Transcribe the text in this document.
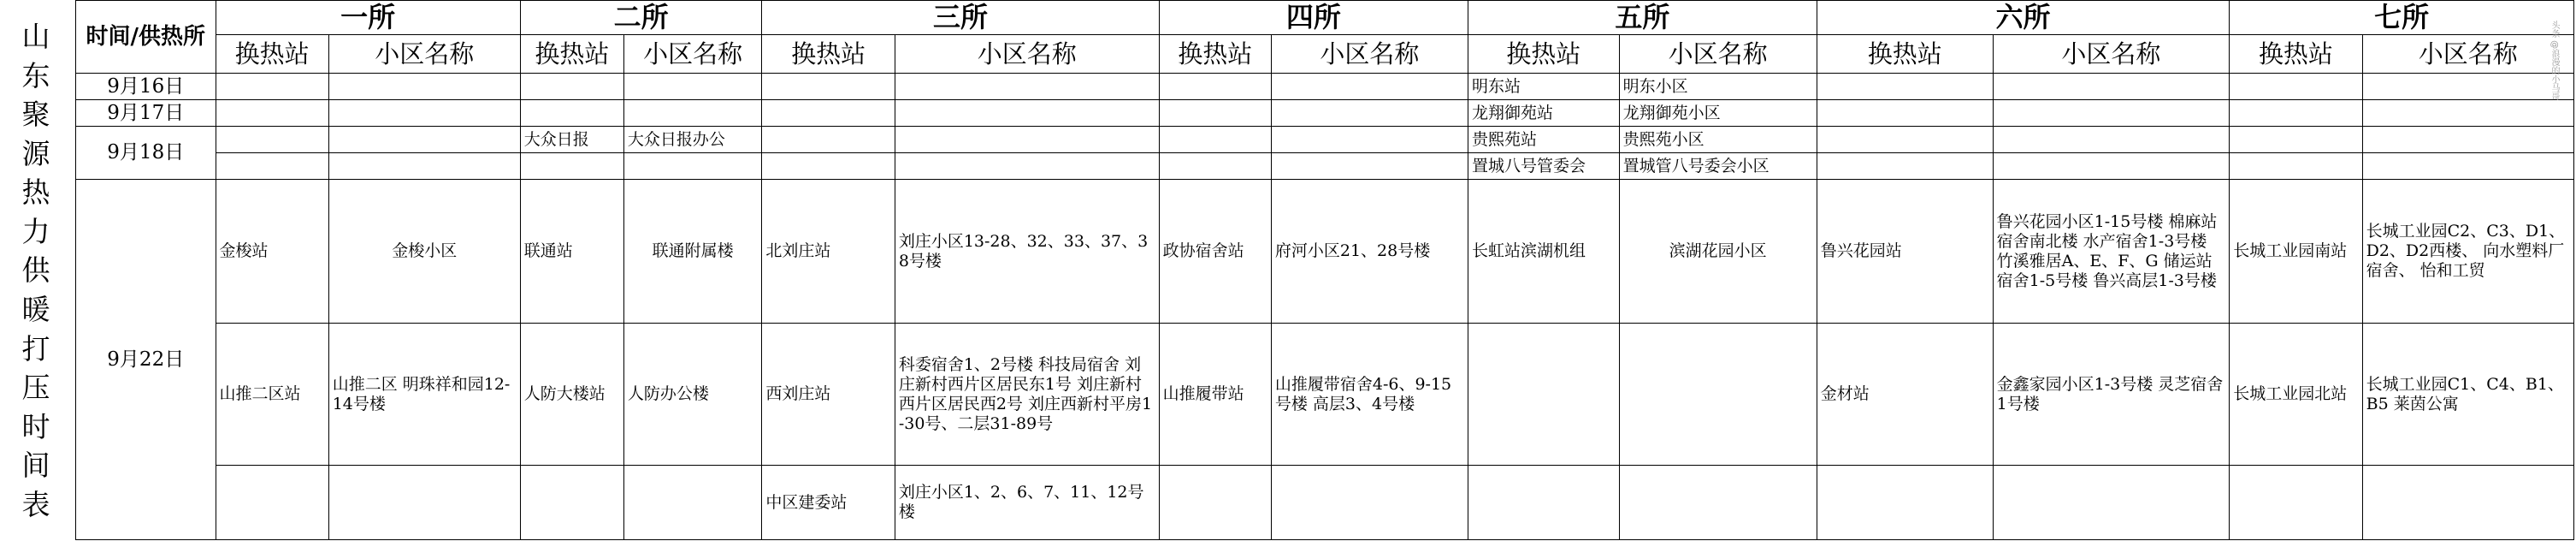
山
东
聚
源
热
力
供
暖
打
压
时
间
表
时间/供热所	一所		二所		三所		四所		五所		六所		七所	
	换热站	小区名称	换热站	小区名称	换热站	小区名称	换热站	小区名称	换热站	小区名称	换热站	小区名称	换热站	小区名称
9月16日									明东站	明东小区				
9月17日									龙翔御苑站	龙翔御苑小区				
9月18日			大众日报	大众日报办公					贵熙苑站	贵熙苑小区				
									置城八号管委会	置城管八号委会小区				
9月22日	金梭站	金梭小区	联通站	联通附属楼	北刘庄站	刘庄小区13-28、32、33、37、38号楼	政协宿舍站	府河小区21、28号楼	长虹站滨湖机组	滨湖花园小区	鲁兴花园站	鲁兴花园小区1-15号楼 棉麻站宿舍南北楼 水产宿舍1-3号楼 竹溪雅居A、E、F、G 储运站宿舍1-5号楼 鲁兴高层1-3号楼	长城工业园南站	长城工业园C2、C3、D1、D2、D2西楼、 向水塑料厂宿舍、 怡和工贸
	山推二区站	山推二区 明珠祥和园12-14号楼	人防大楼站	人防办公楼	西刘庄站	科委宿舍1、2号楼 科技局宿舍 刘庄新村西片区居民东1号 刘庄新村西片区居民西2号 刘庄西新村平房1-30号、二层31-89号	山推履带站	山推履带宿舍4-6、9-15号楼 高层3、4号楼			金材站	金鑫家园小区1-3号楼 灵芝宿舍1号楼	长城工业园北站	长城工业园C1、C4、B1、B5 莱茵公寓
					中区建委站	刘庄小区1、2、6、7、11、12号楼								
头条 @浪漫的小马哥
